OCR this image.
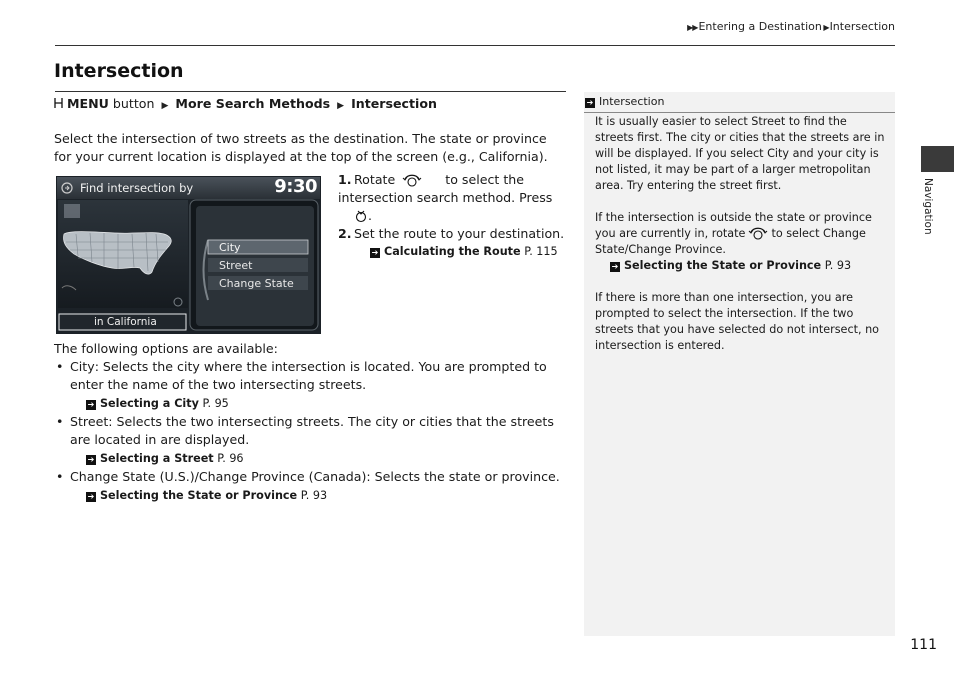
▶▶Entering a Destination ▶Intersection
Intersection
MENU button ▶ More Search Methods ▶ Intersection
Select the intersection of two streets as the destination. The state or province for your current location is displayed at the top of the screen (e.g., California).
Find intersection by	9:30
City
Street
Change State
in California
1. Rotate	to select the intersection search method. Press
.
2. Set the route to your destination.
➔ Calculating the Route P. 115
The following options are available:
• City: Selects the city where the intersection is located. You are prompted to enter the name of the two intersecting streets.
➔ Selecting a City P. 95
• Street: Selects the two intersecting streets. The city or cities that the streets are located in are displayed.
➔ Selecting a Street P. 96
• Change State (U.S.)/Change Province (Canada): Selects the state or province.
➔ Selecting the State or Province P. 93
➔ Intersection

It is usually easier to select Street to find the streets first. The city or cities that the streets are in will be displayed. If you select City and your city is not listed, it may be part of a larger metropolitan area. Try entering the street first.

If the intersection is outside the state or province you are currently in, rotate to select Change State/Change Province.

➔ Selecting the State or Province P. 93

If there is more than one intersection, you are prompted to select the intersection. If the two streets that you have selected do not intersect, no intersection is entered.

Navigation
111
